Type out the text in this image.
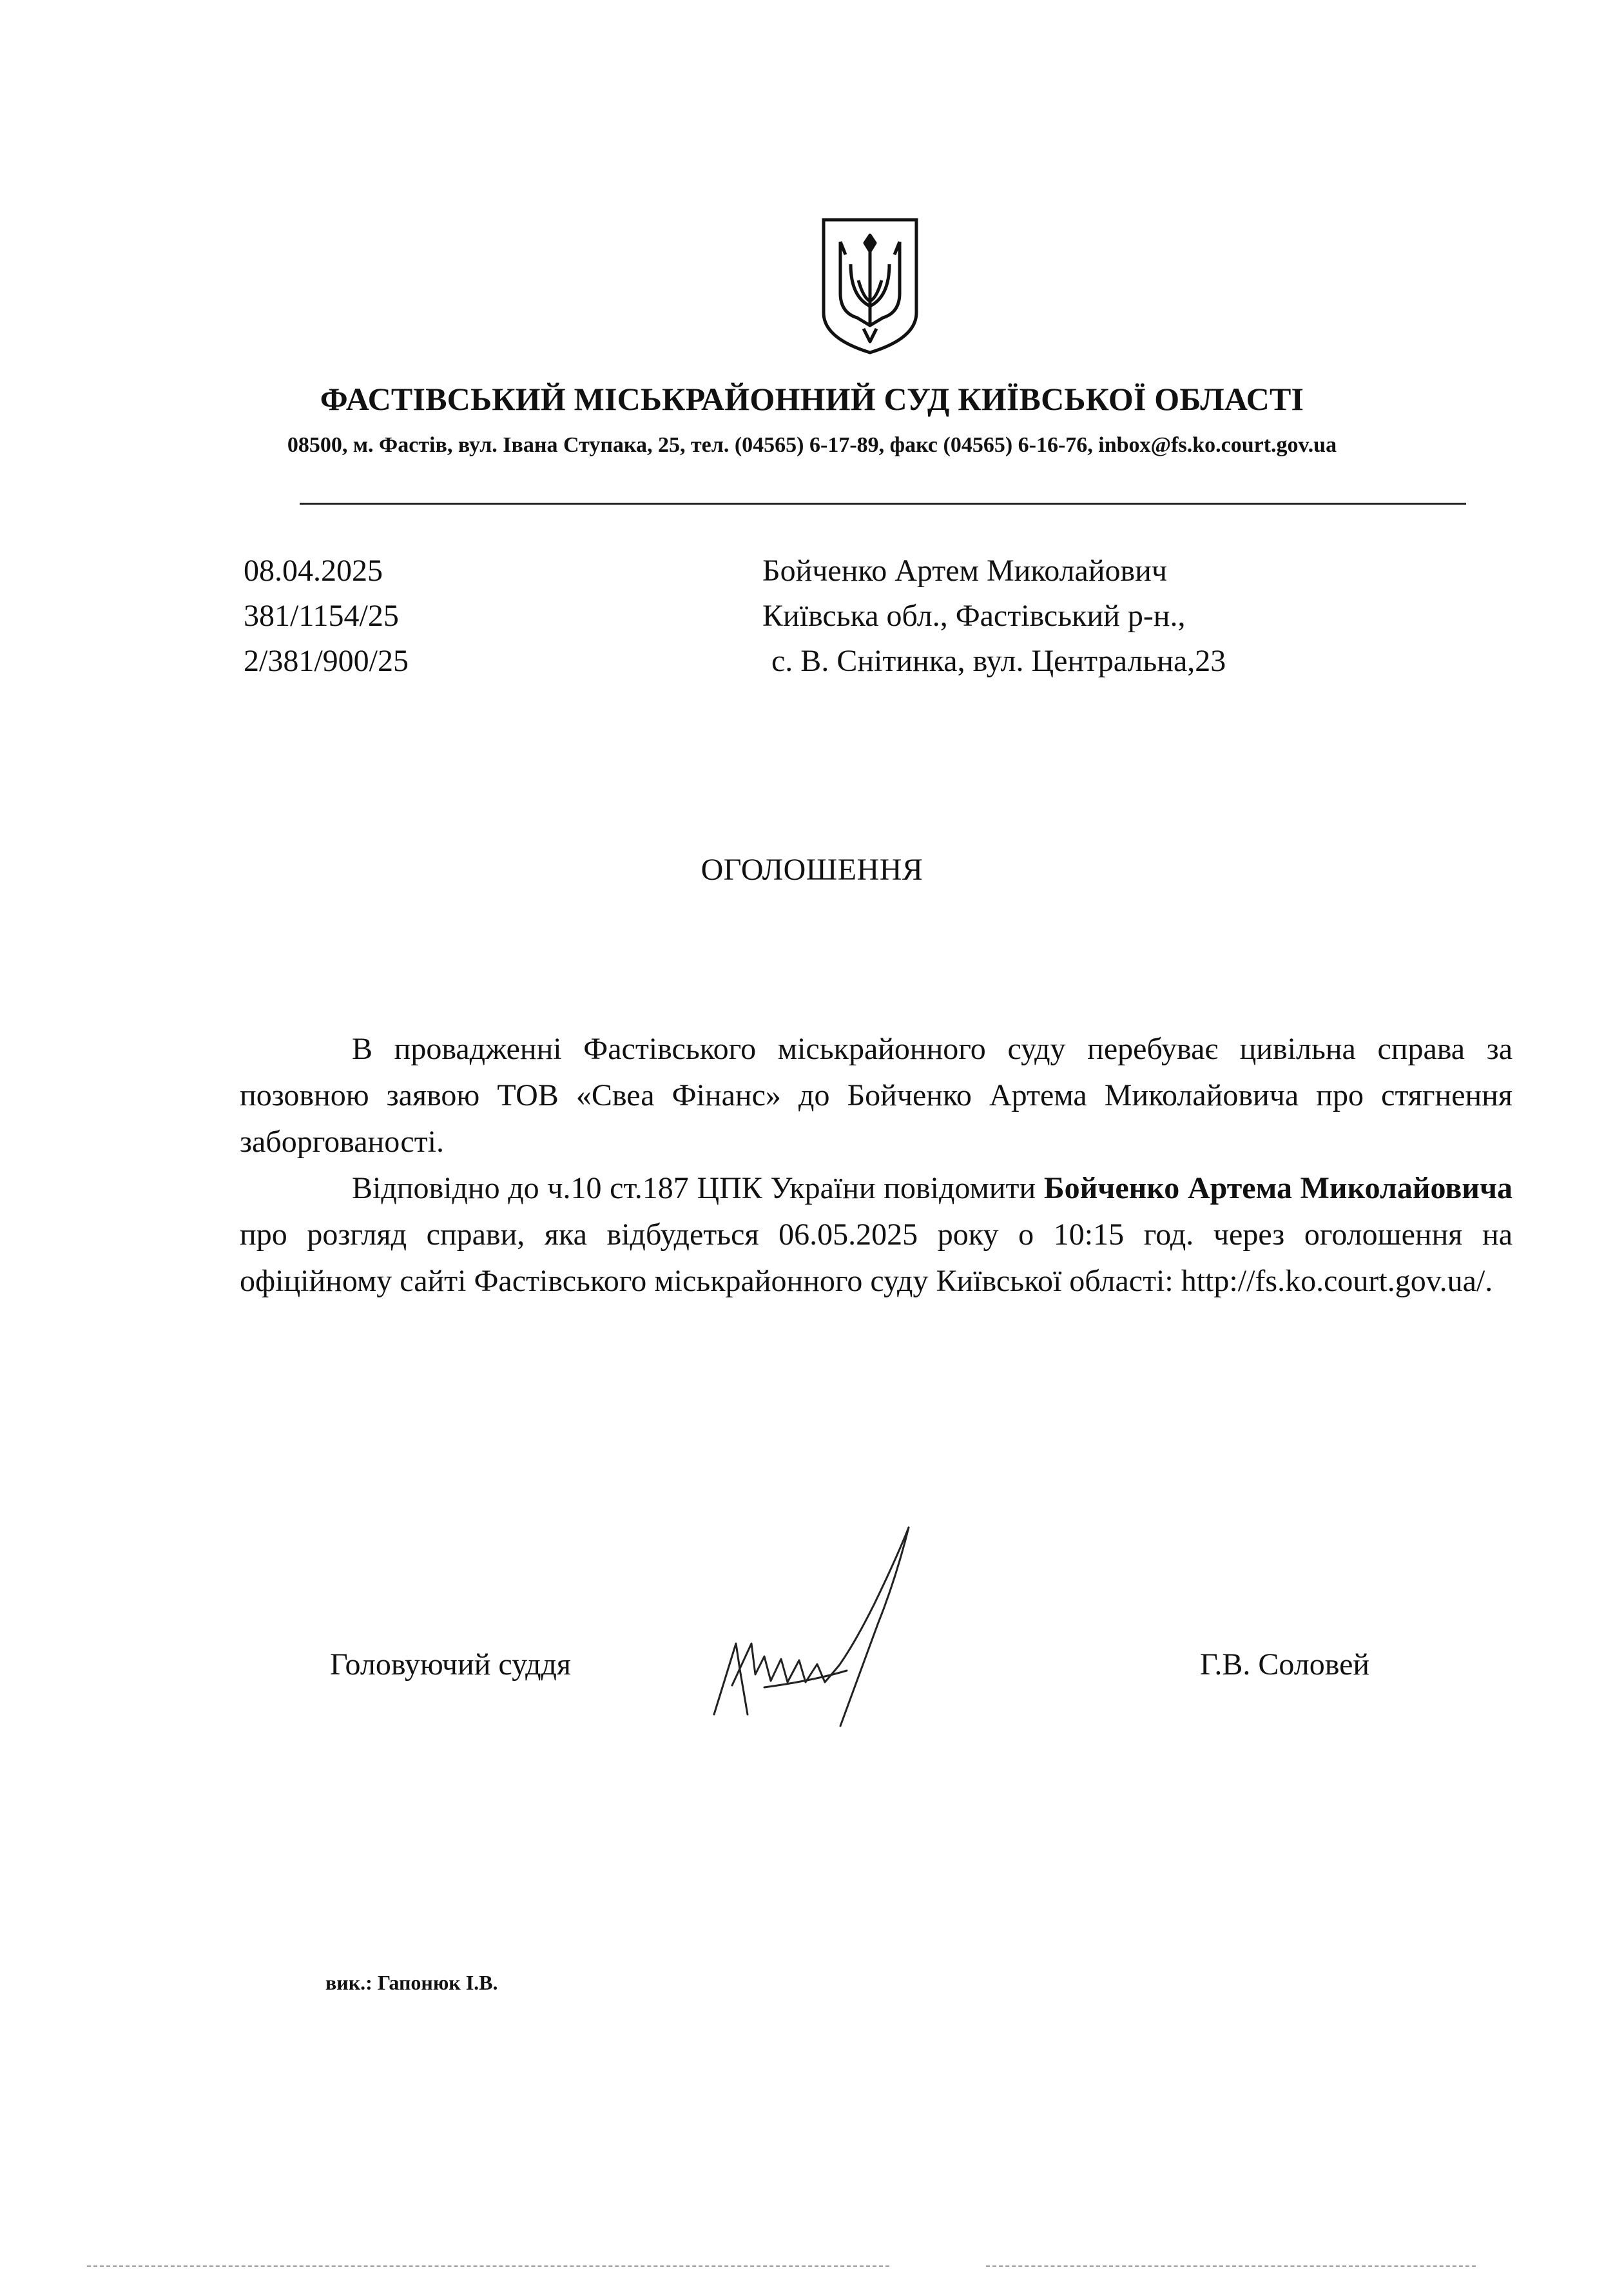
ФАСТІВСЬКИЙ МІСЬКРАЙОННИЙ СУД КИЇВСЬКОЇ ОБЛАСТІ
08500, м. Фастів, вул. Івана Ступака, 25, тел. (04565) 6-17-89, факс (04565) 6-16-76, inbox@fs.ko.court.gov.ua
08.04.2025
381/1154/25
2/381/900/25
Бойченко Артем Миколайович
Київська обл., Фастівський р-н.,
с. В. Снітинка, вул. Центральна,23
ОГОЛОШЕННЯ

В провадженні Фастівського міськрайонного суду перебуває цивільна справа за позовною заявою ТОВ «Свеа Фінанс» до Бойченко Артема Миколайовича про стягнення заборгованості.

Відповідно до ч.10 ст.187 ЦПК України повідомити Бойченко Артема Миколайовича про розгляд справи, яка відбудеться 06.05.2025 року о 10:15 год. через оголошення на офіційному сайті Фастівського міськрайонного суду Київської області: http://fs.ko.court.gov.ua/.

Головуючий суддя	Г.В. Соловей
вик.: Гапонюк І.В.
